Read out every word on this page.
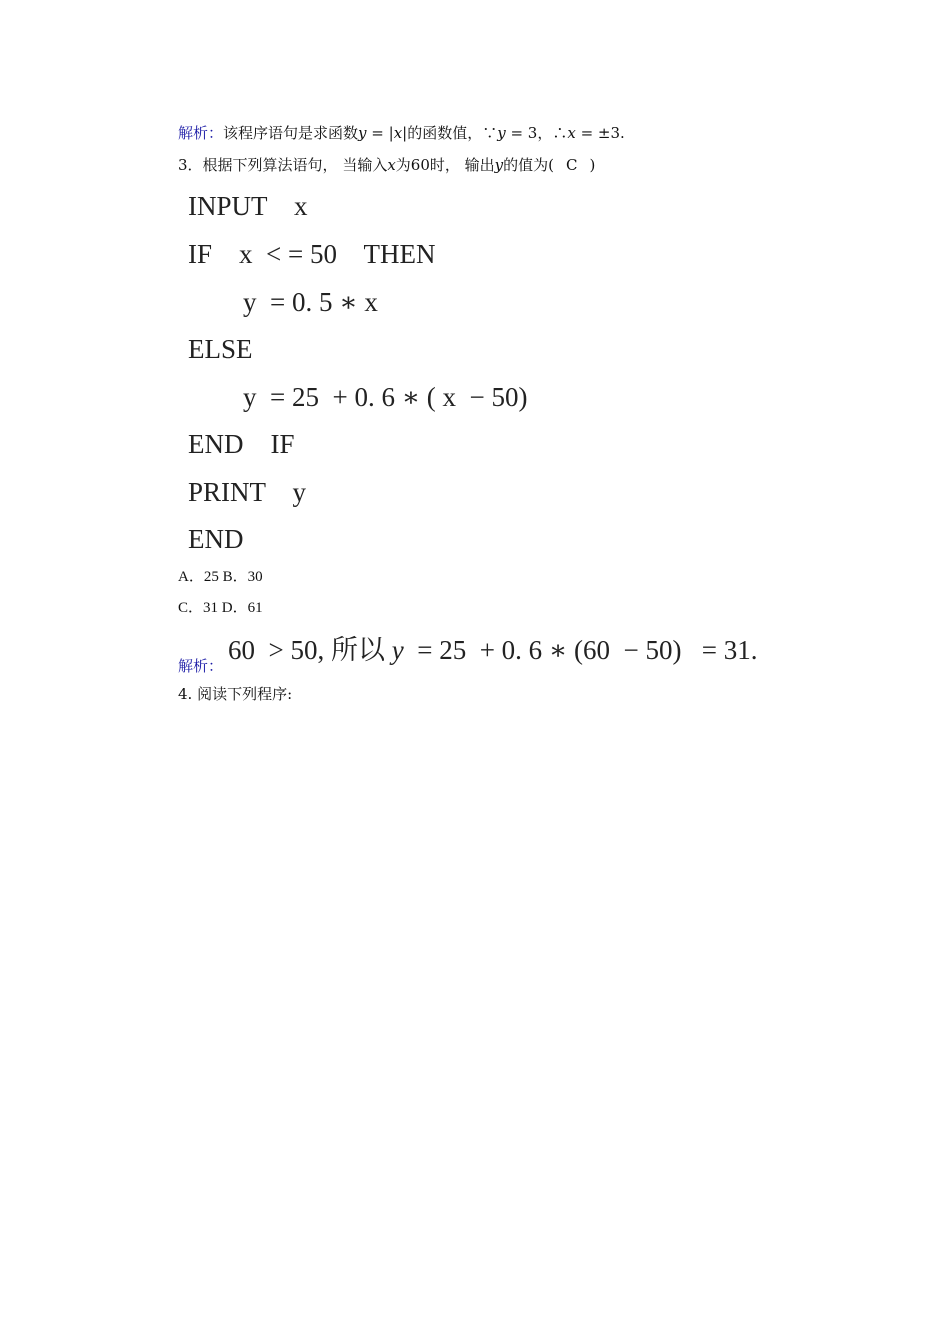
解析：该程序语句是求函数y = |x|的函数值，∵y = 3，∴x = ±3.
3．根据下列算法语句， 当输入x为60时， 输出y的值为( C )
INPUT    x
IF    x  < = 50    THEN
y  = 0. 5 ∗ x
ELSE
y  = 25  + 0. 6 ∗ ( x  − 50)
END    IF
PRINT    y
END
A．25 B．30
C．31 D．61
解析：
60  > 50, 所以 y  = 25  + 0. 6 ∗ (60  − 50)   = 31.
4. 阅读下列程序:
